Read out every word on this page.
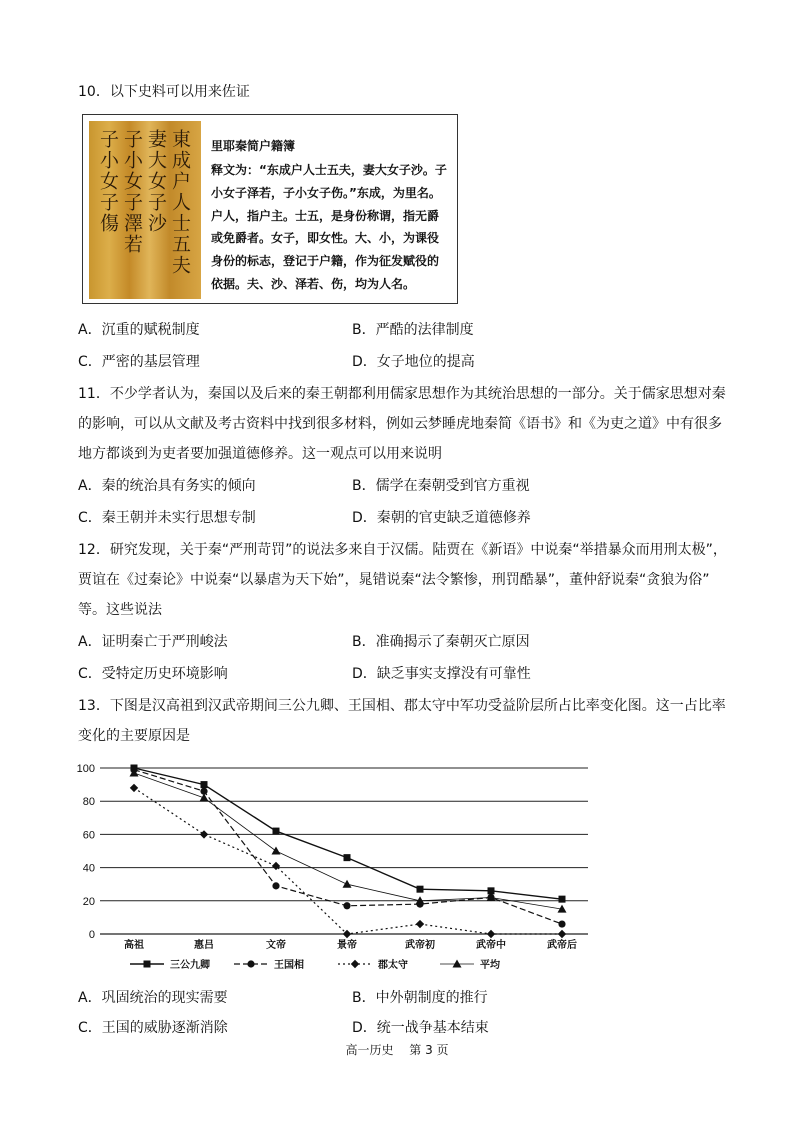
10．以下史料可以用来佐证
東成户人士五夫
妻大女子沙
子小女子澤若
子小女子傷	里耶秦简户籍簿
释文为：“东成户人士五夫，妻大女子沙。子小女子泽若，子小女子伤。”东成，为里名。户人，指户主。士五，是身份称谓，指无爵或免爵者。女子，即女性。大、小，为课役身份的标志，登记于户籍，作为征发赋役的依据。夫、沙、泽若、伤，均为人名。
A．沉重的赋税制度	B．严酷的法律制度
C．严密的基层管理	D．女子地位的提高
11．不少学者认为，秦国以及后来的秦王朝都利用儒家思想作为其统治思想的一部分。关于儒家思想对秦
的影响，可以从文献及考古资料中找到很多材料，例如云梦睡虎地秦简《语书》和《为吏之道》中有很多
地方都谈到为吏者要加强道德修养。这一观点可以用来说明
A．秦的统治具有务实的倾向	B．儒学在秦朝受到官方重视
C．秦王朝并未实行思想专制	D．秦朝的官吏缺乏道德修养
12．研究发现，关于秦“严刑苛罚”的说法多来自于汉儒。陆贾在《新语》中说秦“举措暴众而用刑太极”，
贾谊在《过秦论》中说秦“以暴虐为天下始”，晁错说秦“法令繁惨，刑罚酷暴”，董仲舒说秦“贪狼为俗”
等。这些说法
A．证明秦亡于严刑峻法	B．准确揭示了秦朝灭亡原因
C．受特定历史环境影响	D．缺乏事实支撑没有可靠性
13．下图是汉高祖到汉武帝期间三公九卿、王国相、郡太守中军功受益阶层所占比率变化图。这一占比率
变化的主要原因是
0
20
40
60
80
100
高祖	惠吕	文帝	景帝	武帝初	武帝中	武帝后
三公九卿	王国相	郡太守	平均
A．巩固统治的现实需要	B．中外朝制度的推行
C．王国的威胁逐渐消除	D．统一战争基本结束
高一历史　 第 3 页
